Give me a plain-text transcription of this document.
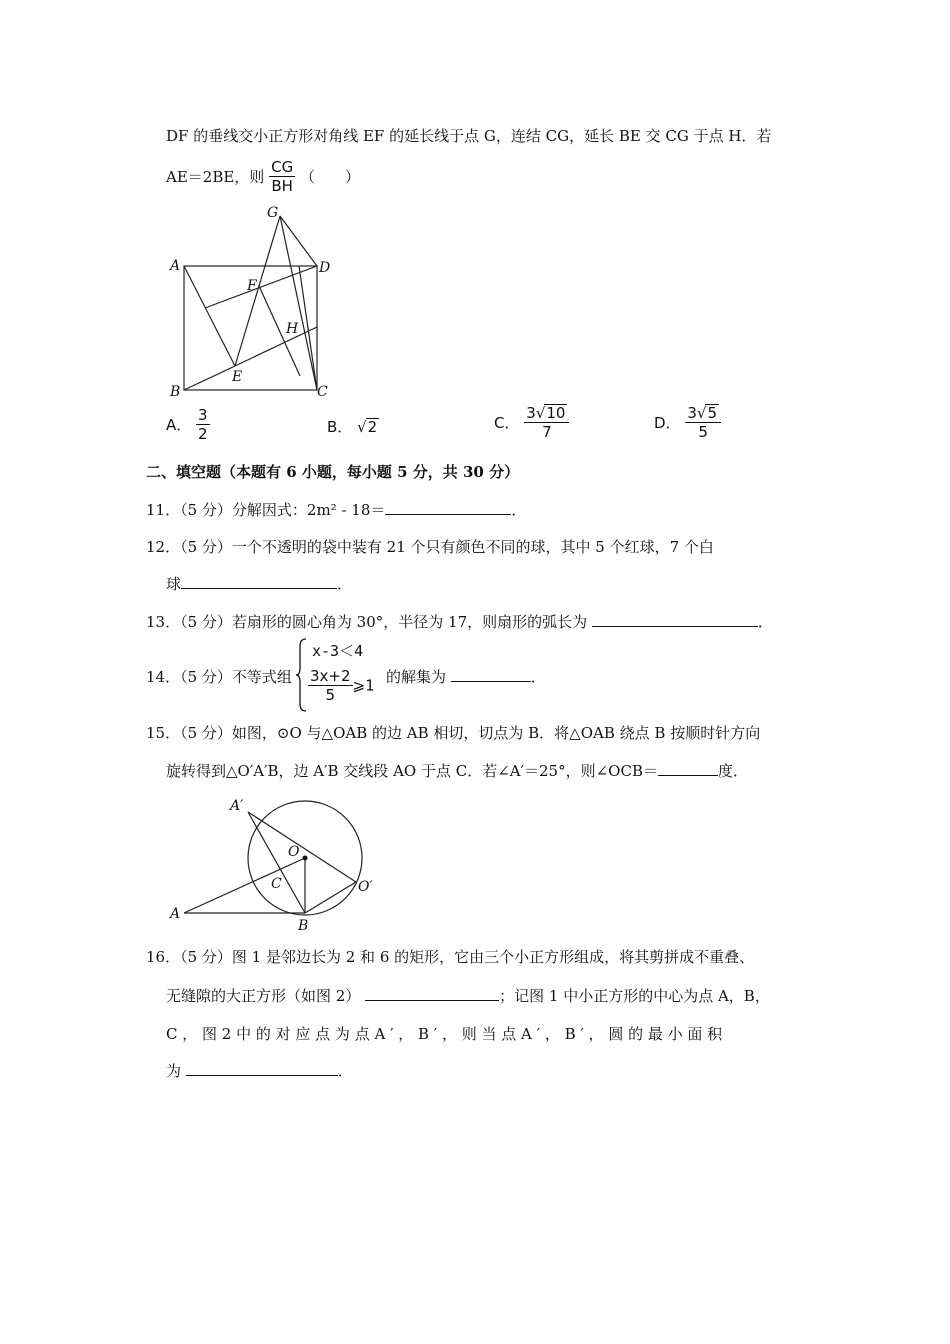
DF 的垂线交小正方形对角线 EF 的延长线于点 G，连结 CG，延长 BE 交 CG 于点 H．若
AE＝2BE，则 $\frac{CG}{BH}$ （　　）
G
A	D
F
H
E
B	C
A． $\frac{3}{2}$	B． √2	C． $\frac{3√10}{7}$	D． $\frac{3√5}{5}$
二、填空题（本题有 6 小题，每小题 5 分，共 30 分）
11．（5 分）分解因式：2m² - 18＝	．
12．（5 分）一个不透明的袋中装有 21 个只有颜色不同的球，其中 5 个红球，7 个白
球	．
13．（5 分）若扇形的圆心角为 30°，半径为 17，则扇形的弧长为	．
14．（5 分）不等式组
x-3＜4
$\frac{3x+2}{5}$ ⩾1 的解集为	．
15．（5 分）如图，⊙O 与△OAB 的边 AB 相切，切点为 B．将△OAB 绕点 B 按顺时针方向
旋转得到△O′A′B，边 A′B 交线段 AO 于点 C．若∠A′＝25°，则∠OCB＝	度．
A′
O
C	O′
A
B
16．（5 分）图 1 是邻边长为 2 和 6 的矩形，它由三个小正方形组成，将其剪拼成不重叠、
无缝隙的大正方形（如图 2）	；记图 1 中小正方形的中心为点 A，B，
C ， 图 2 中 的 对 应 点 为 点 A ′ ， B ′ ， 则 当 点 A ′ ， B ′ ， 圆 的 最 小 面 积
为	．
